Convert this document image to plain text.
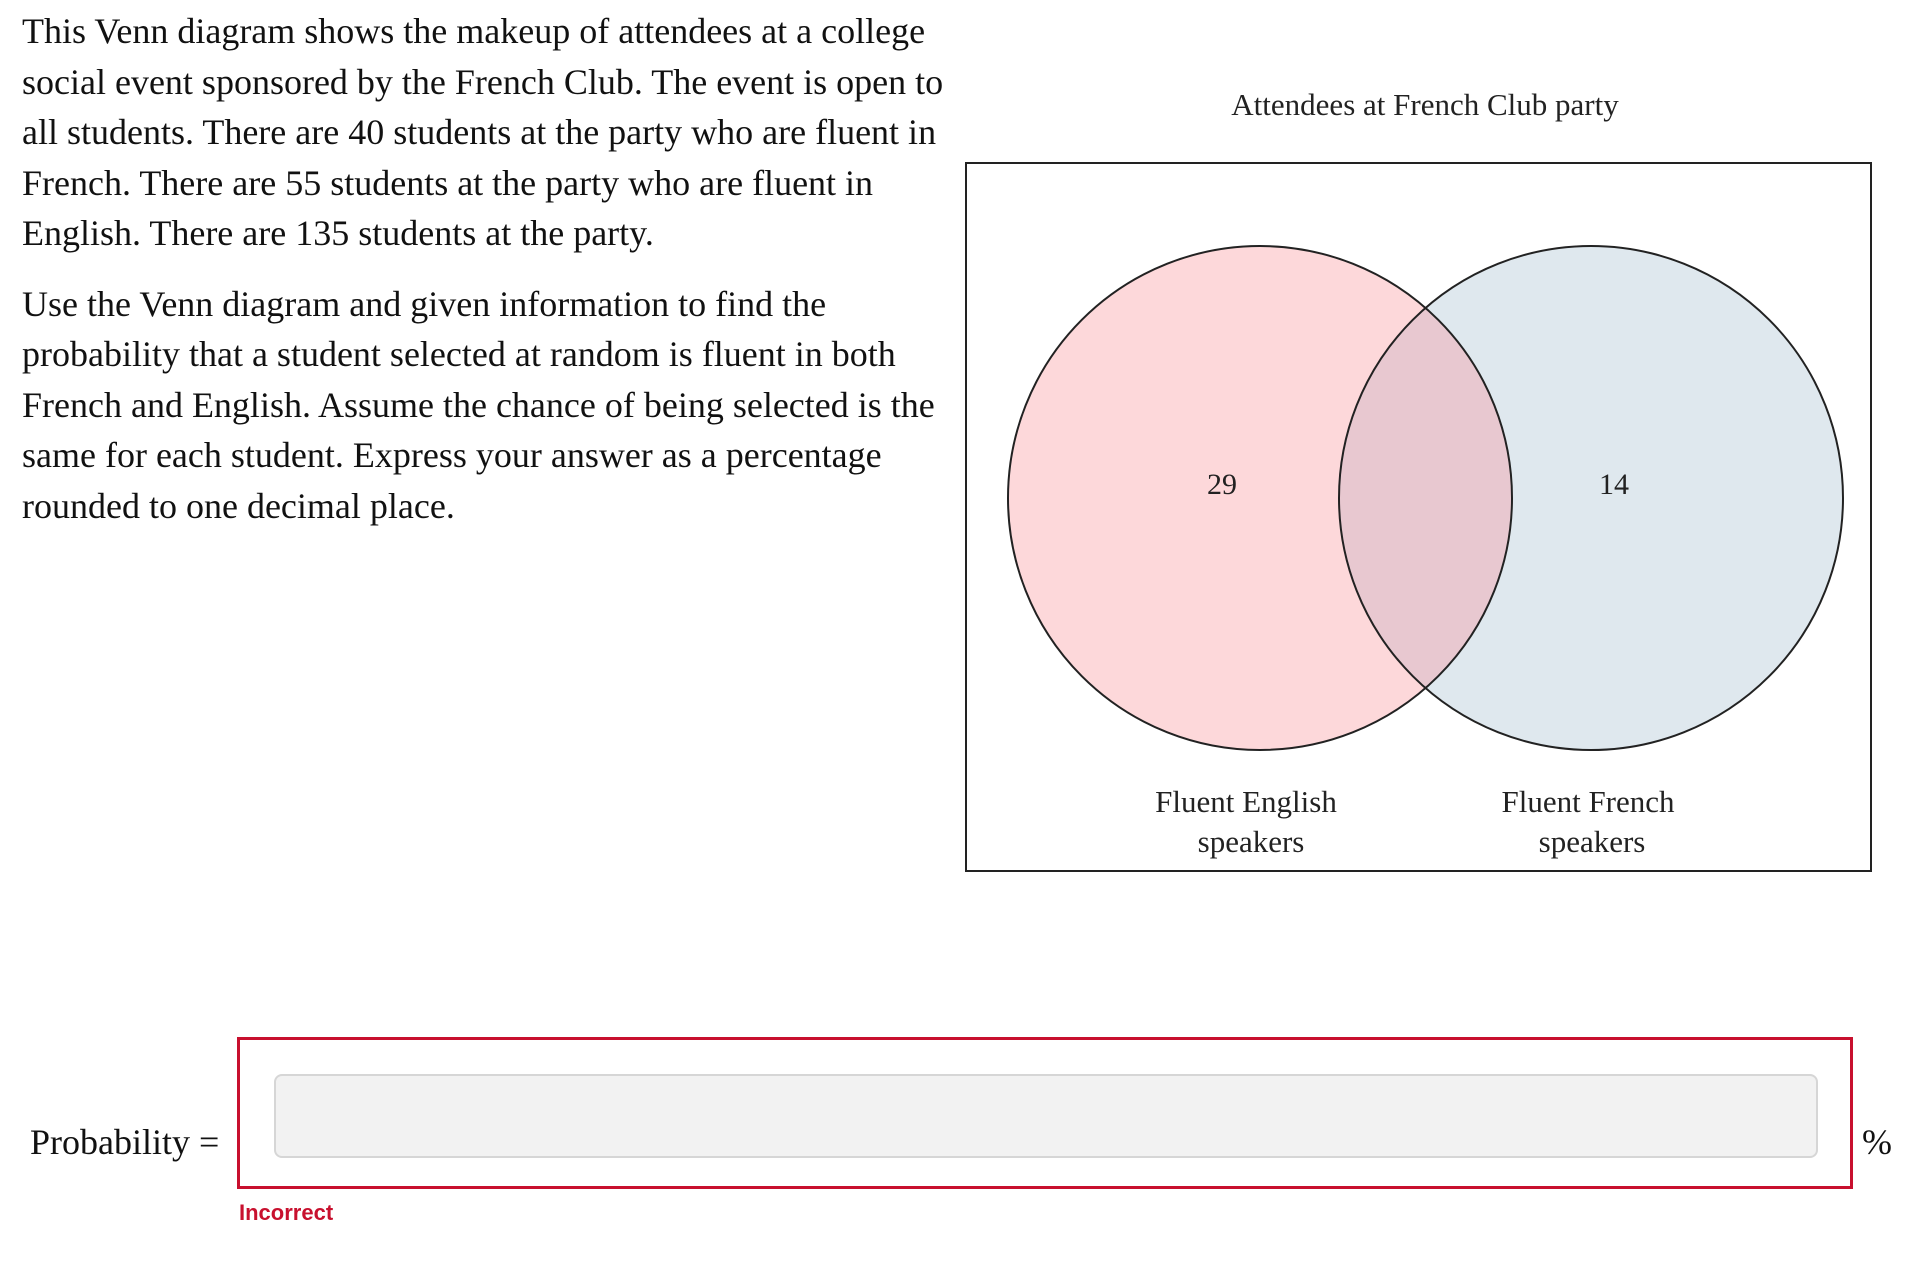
This Venn diagram shows the makeup of attendees at a college social event sponsored by the French Club. The event is open to all students. There are 40 students at the party who are fluent in French. There are 55 students at the party who are fluent in English. There are 135 students at the party.

Use the Venn diagram and given information to find the probability that a student selected at random is fluent in both French and English. Assume the chance of being selected is the same for each student. Express your answer as a percentage rounded to one decimal place.

Attendees at French Club party
29	14
Fluent English
speakers
Fluent French
speakers
Probability =	%
Incorrect
